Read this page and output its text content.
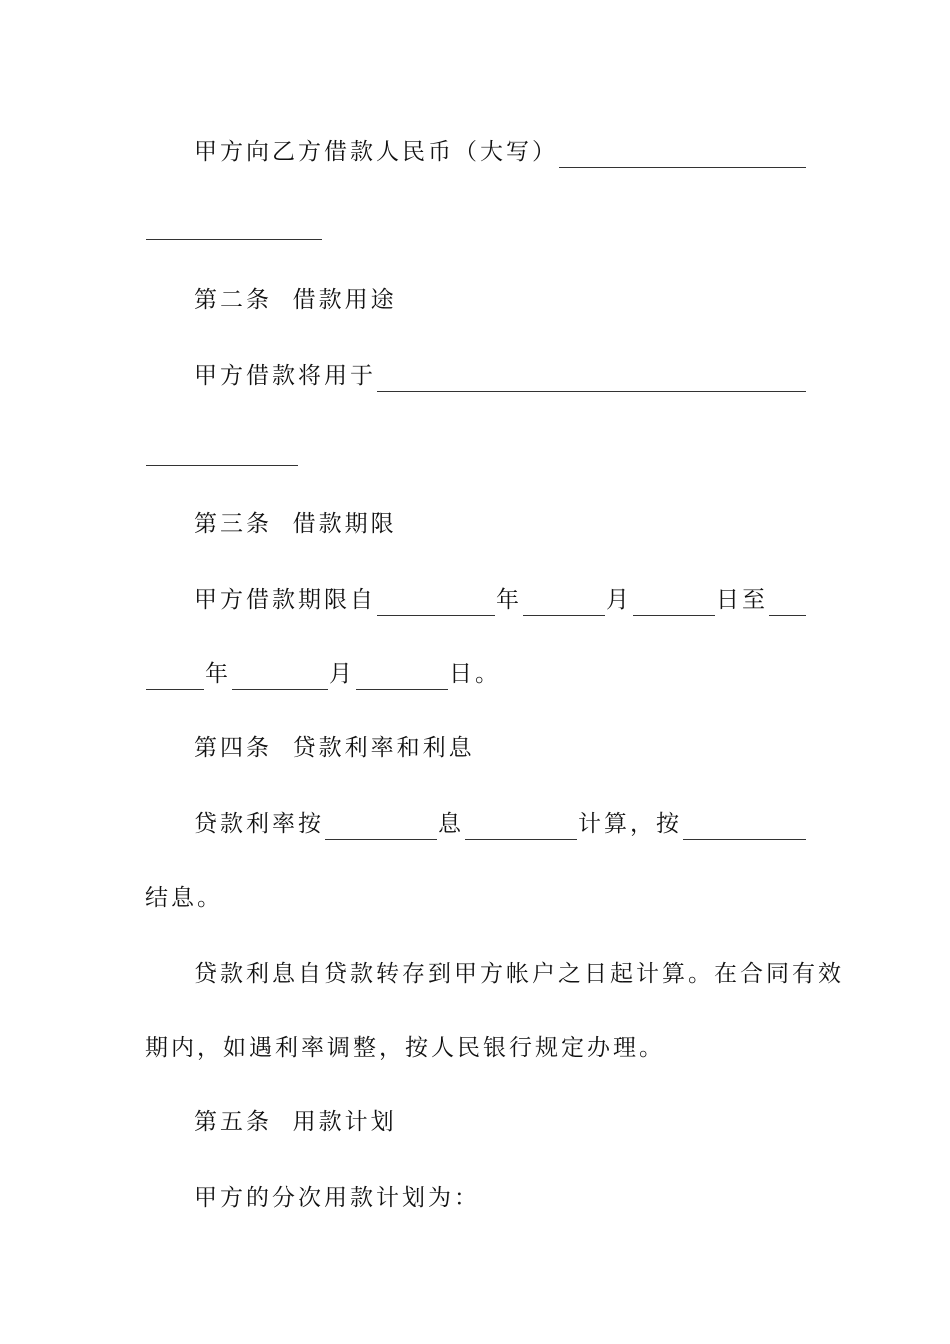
甲方向乙方借款人民币（大写）
第二条  借款用途
甲方借款将用于
第三条  借款期限
甲方借款期限自	年	月	日至
年	月	日。
第四条  贷款利率和利息
贷款利率按	息	计算，按
结息。
贷款利息自贷款转存到甲方帐户之日起计算。在合同有效
期内，如遇利率调整，按人民银行规定办理。
第五条  用款计划
甲方的分次用款计划为：
